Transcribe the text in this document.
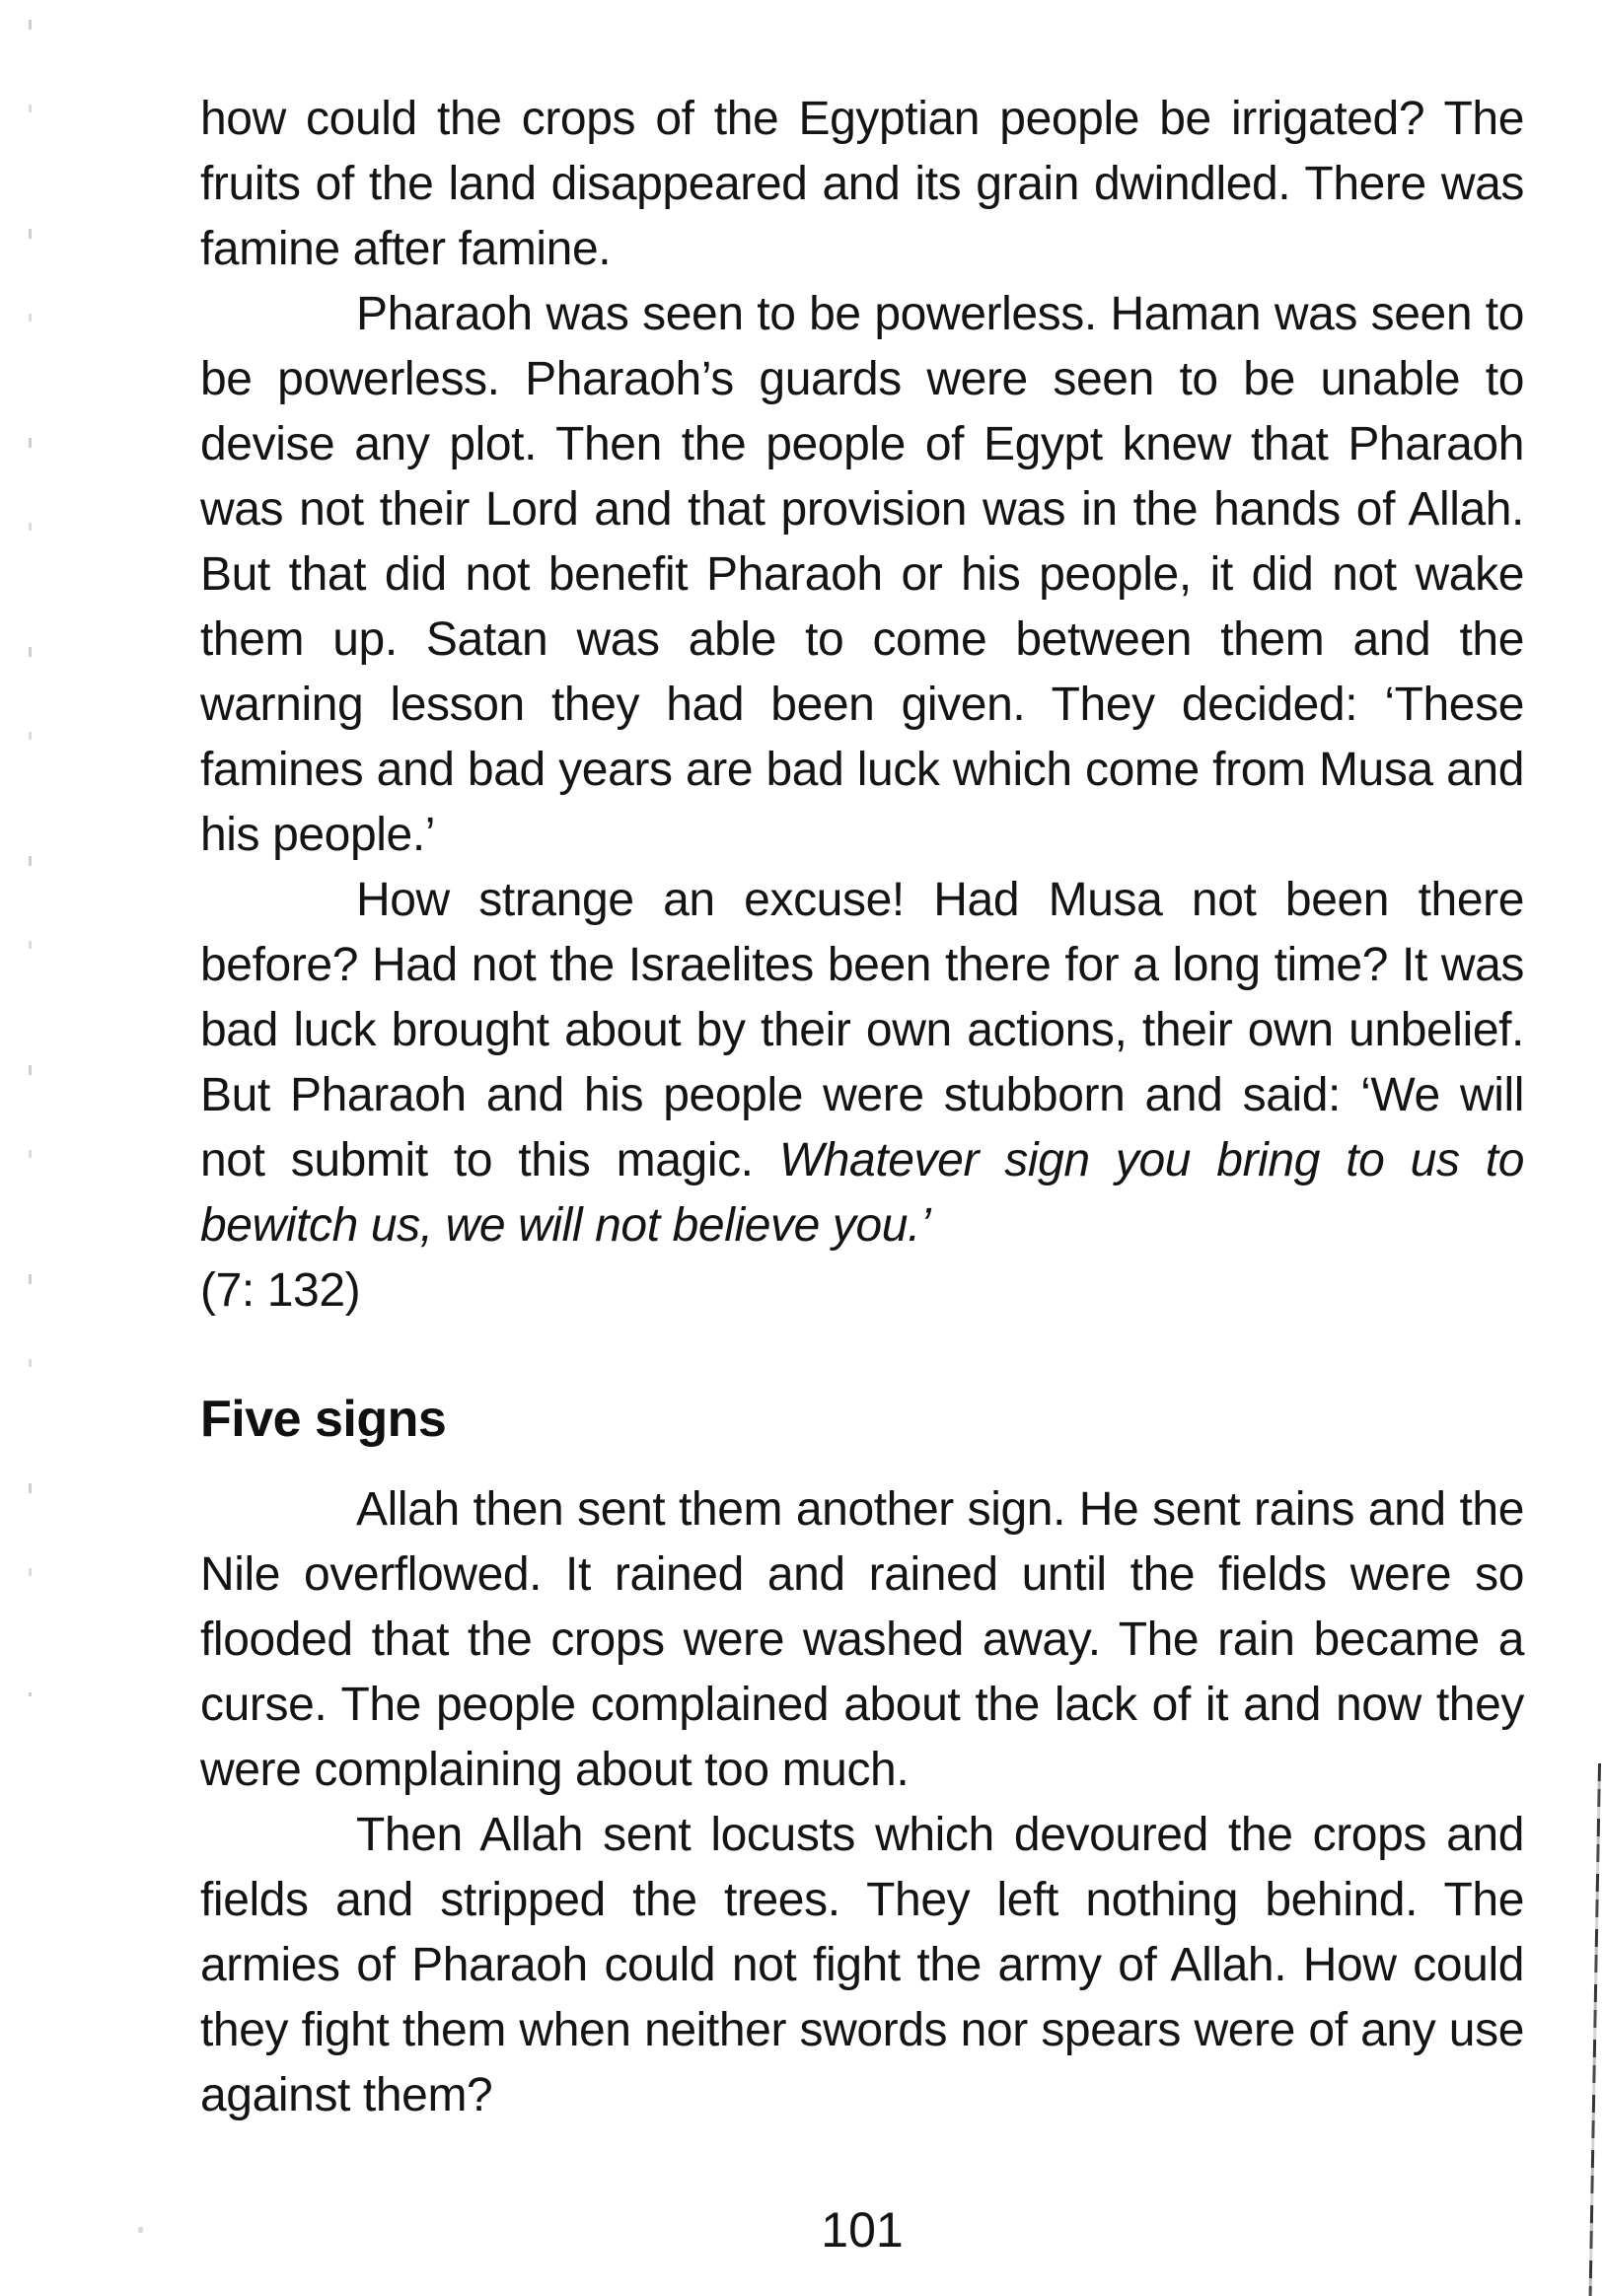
how could the crops of the Egyptian people be irrigated? The fruits of the land disappeared and its grain dwindled. There was famine after famine.

Pharaoh was seen to be powerless. Haman was seen to be powerless. Pharaoh’s guards were seen to be unable to devise any plot. Then the people of Egypt knew that Pharaoh was not their Lord and that provision was in the hands of Allah. But that did not benefit Pharaoh or his people, it did not wake them up. Satan was able to come between them and the warning lesson they had been given. They decided: ‘These famines and bad years are bad luck which come from Musa and his people.’

How strange an excuse! Had Musa not been there before? Had not the Israelites been there for a long time? It was bad luck brought about by their own actions, their own unbelief. But Pharaoh and his people were stubborn and said: ‘We will not submit to this magic. Whatever sign you bring to us to bewitch us, we will not believe you.’

(7: 132)

Five signs

Allah then sent them another sign. He sent rains and the Nile overflowed. It rained and rained until the fields were so flooded that the crops were washed away. The rain became a curse. The people complained about the lack of it and now they were complaining about too much.

Then Allah sent locusts which devoured the crops and fields and stripped the trees. They left nothing behind. The armies of Pharaoh could not fight the army of Allah. How could they fight them when neither swords nor spears were of any use against them?

101
